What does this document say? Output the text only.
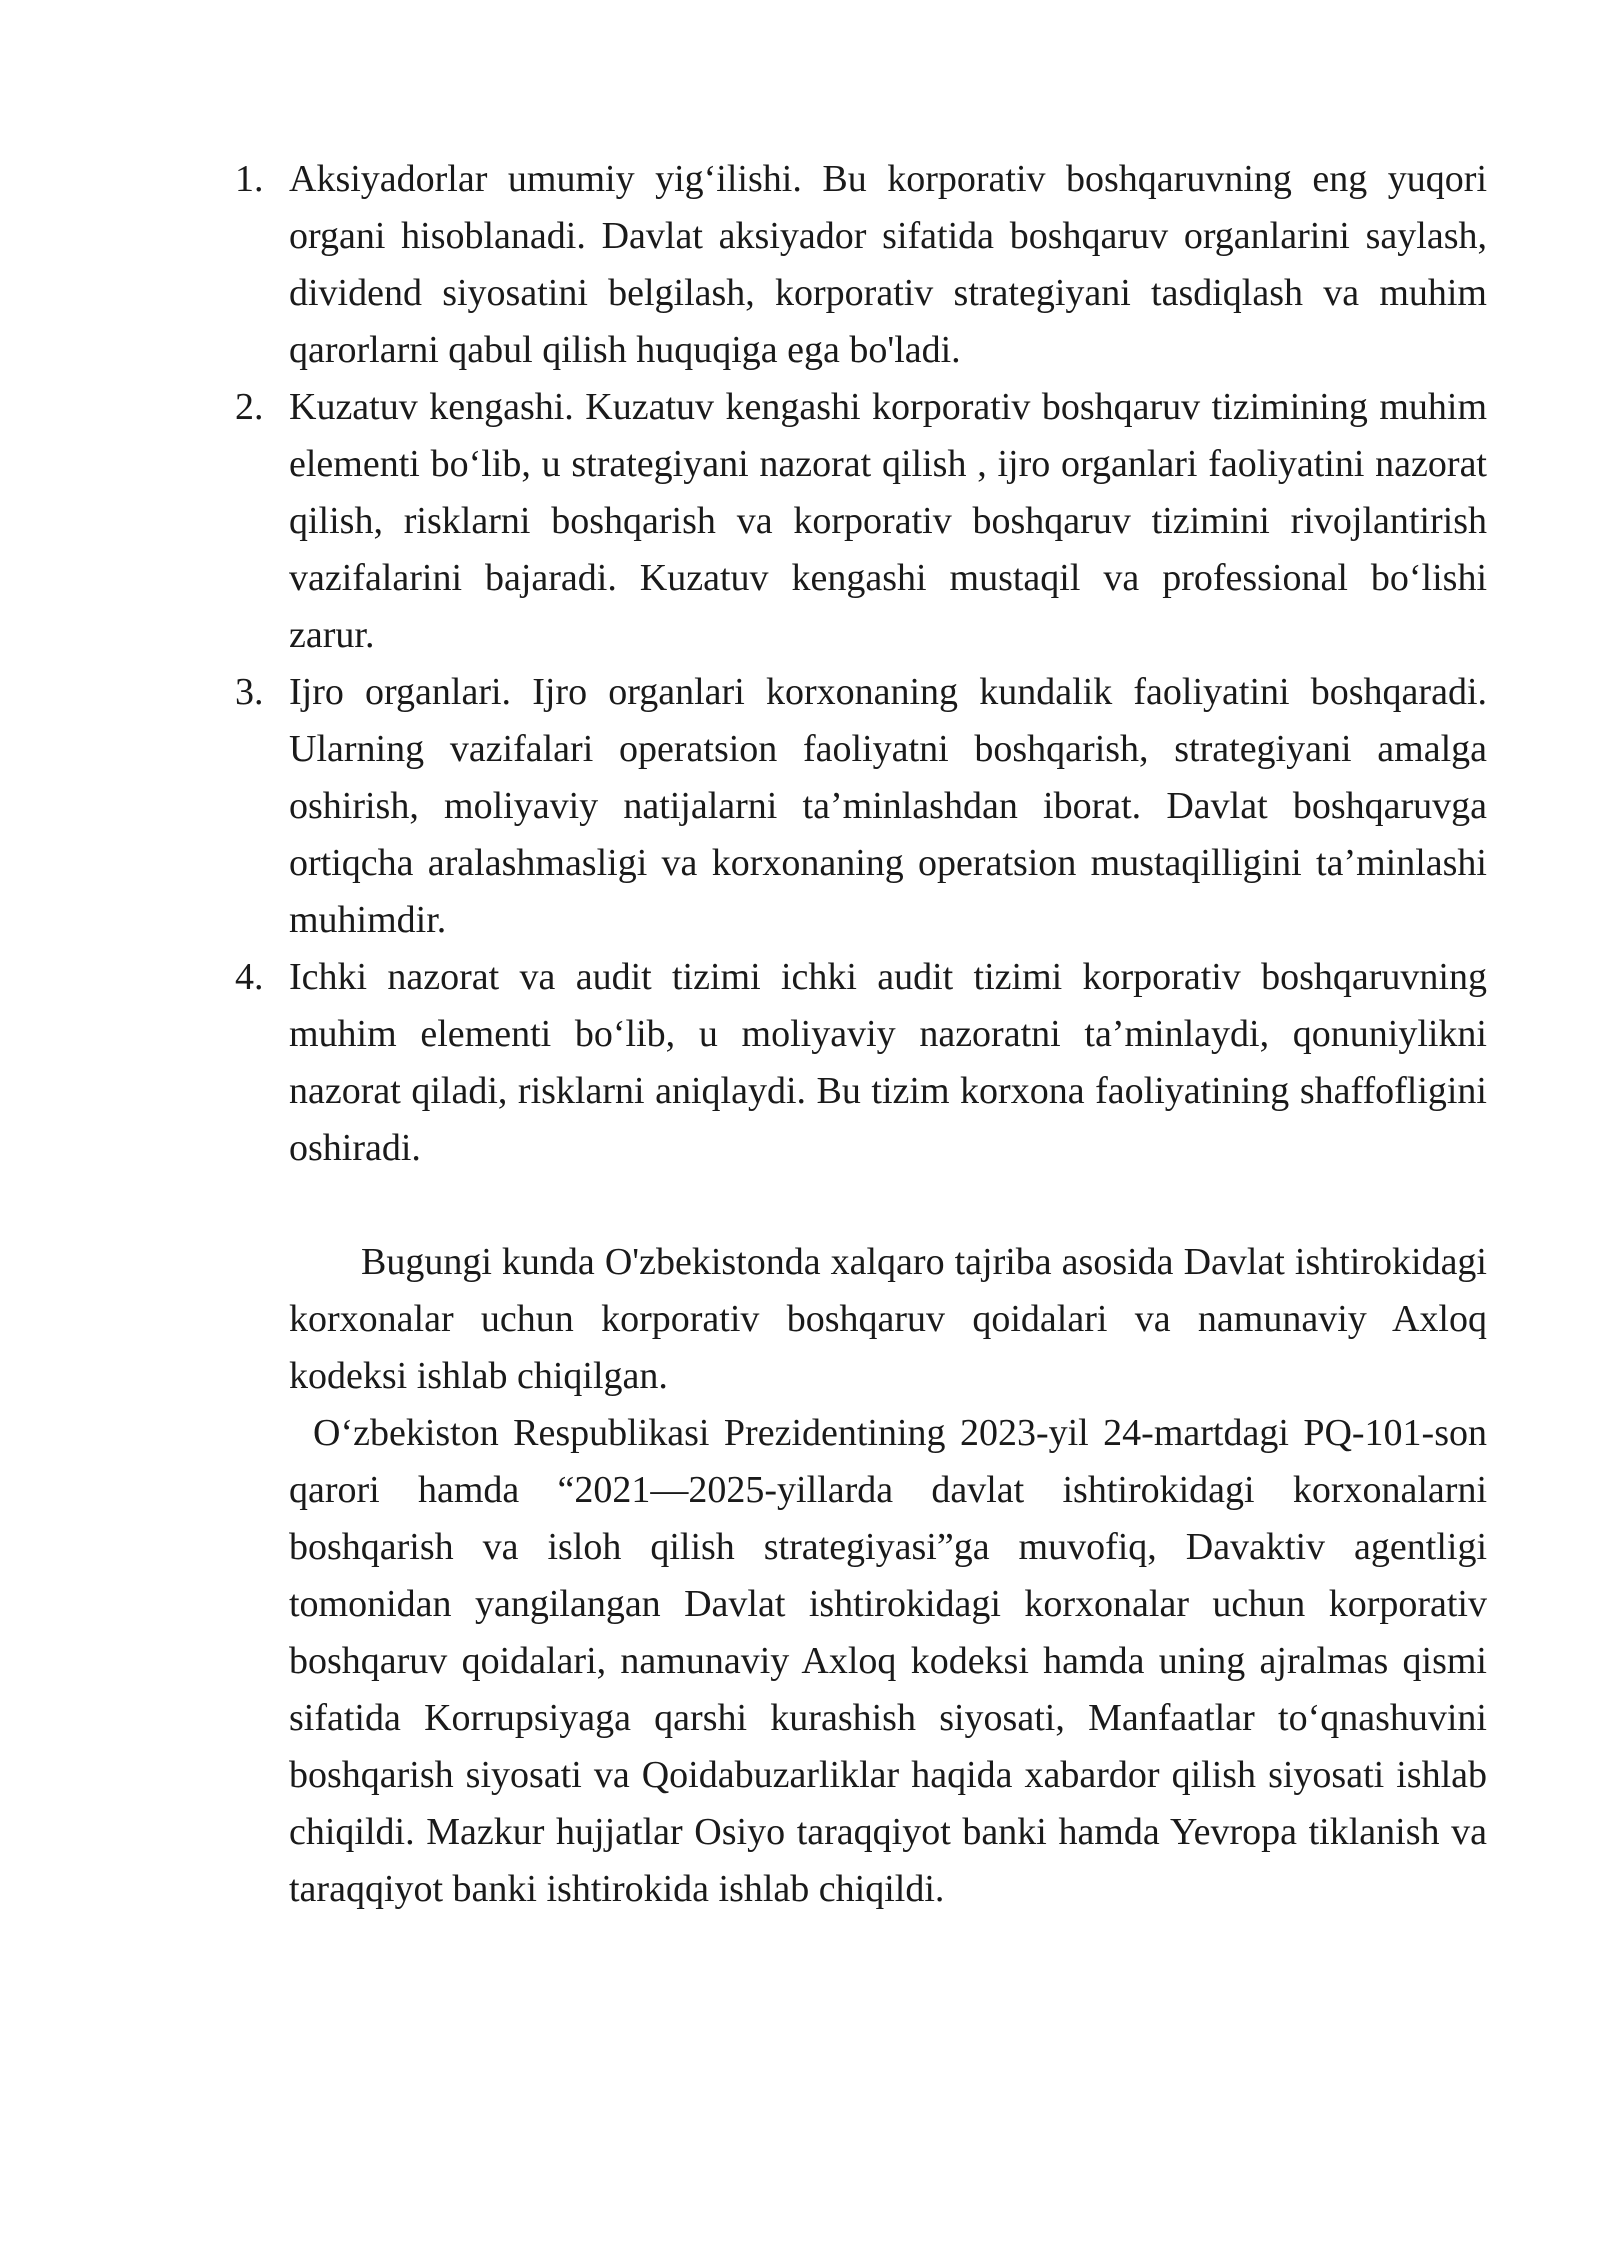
1. Aksiyadorlar umumiy yig‘ilishi. Bu korporativ boshqaruvning eng yuqori organi hisoblanadi. Davlat aksiyador sifatida boshqaruv organlarini saylash, dividend siyosatini belgilash, korporativ strategiyani tasdiqlash va muhim qarorlarni qabul qilish huquqiga ega bo'ladi.
2. Kuzatuv kengashi. Kuzatuv kengashi korporativ boshqaruv tizimining muhim elementi bo‘lib, u strategiyani nazorat qilish , ijro organlari faoliyatini nazorat qilish, risklarni boshqarish va korporativ boshqaruv tizimini rivojlantirish vazifalarini bajaradi. Kuzatuv kengashi mustaqil va professional bo‘lishi zarur.
3. Ijro organlari. Ijro organlari korxonaning kundalik faoliyatini boshqaradi. Ularning vazifalari operatsion faoliyatni boshqarish, strategiyani amalga oshirish, moliyaviy natijalarni ta’minlashdan iborat. Davlat boshqaruvga ortiqcha aralashmasligi va korxonaning operatsion mustaqilligini ta’minlashi muhimdir.
4. Ichki nazorat va audit tizimi ichki audit tizimi korporativ boshqaruvning muhim elementi bo‘lib, u moliyaviy nazoratni ta’minlaydi, qonuniylikni nazorat qiladi, risklarni aniqlaydi. Bu tizim korxona faoliyatining shaffofligini oshiradi.

Bugungi kunda O'zbekistonda xalqaro tajriba asosida Davlat ishtirokidagi korxonalar uchun korporativ boshqaruv qoidalari va namunaviy Axloq kodeksi ishlab chiqilgan.

O‘zbekiston Respublikasi Prezidentining 2023-yil 24-martdagi PQ-101-son qarori hamda “2021—2025-yillarda davlat ishtirokidagi korxonalarni boshqarish va isloh qilish strategiyasi”ga muvofiq, Davaktiv agentligi tomonidan yangilangan Davlat ishtirokidagi korxonalar uchun korporativ boshqaruv qoidalari, namunaviy Axloq kodeksi hamda uning ajralmas qismi sifatida Korrupsiyaga qarshi kurashish siyosati, Manfaatlar to‘qnashuvini boshqarish siyosati va Qoidabuzarliklar haqida xabardor qilish siyosati ishlab chiqildi. Mazkur hujjatlar Osiyo taraqqiyot banki hamda Yevropa tiklanish va taraqqiyot banki ishtirokida ishlab chiqildi.
